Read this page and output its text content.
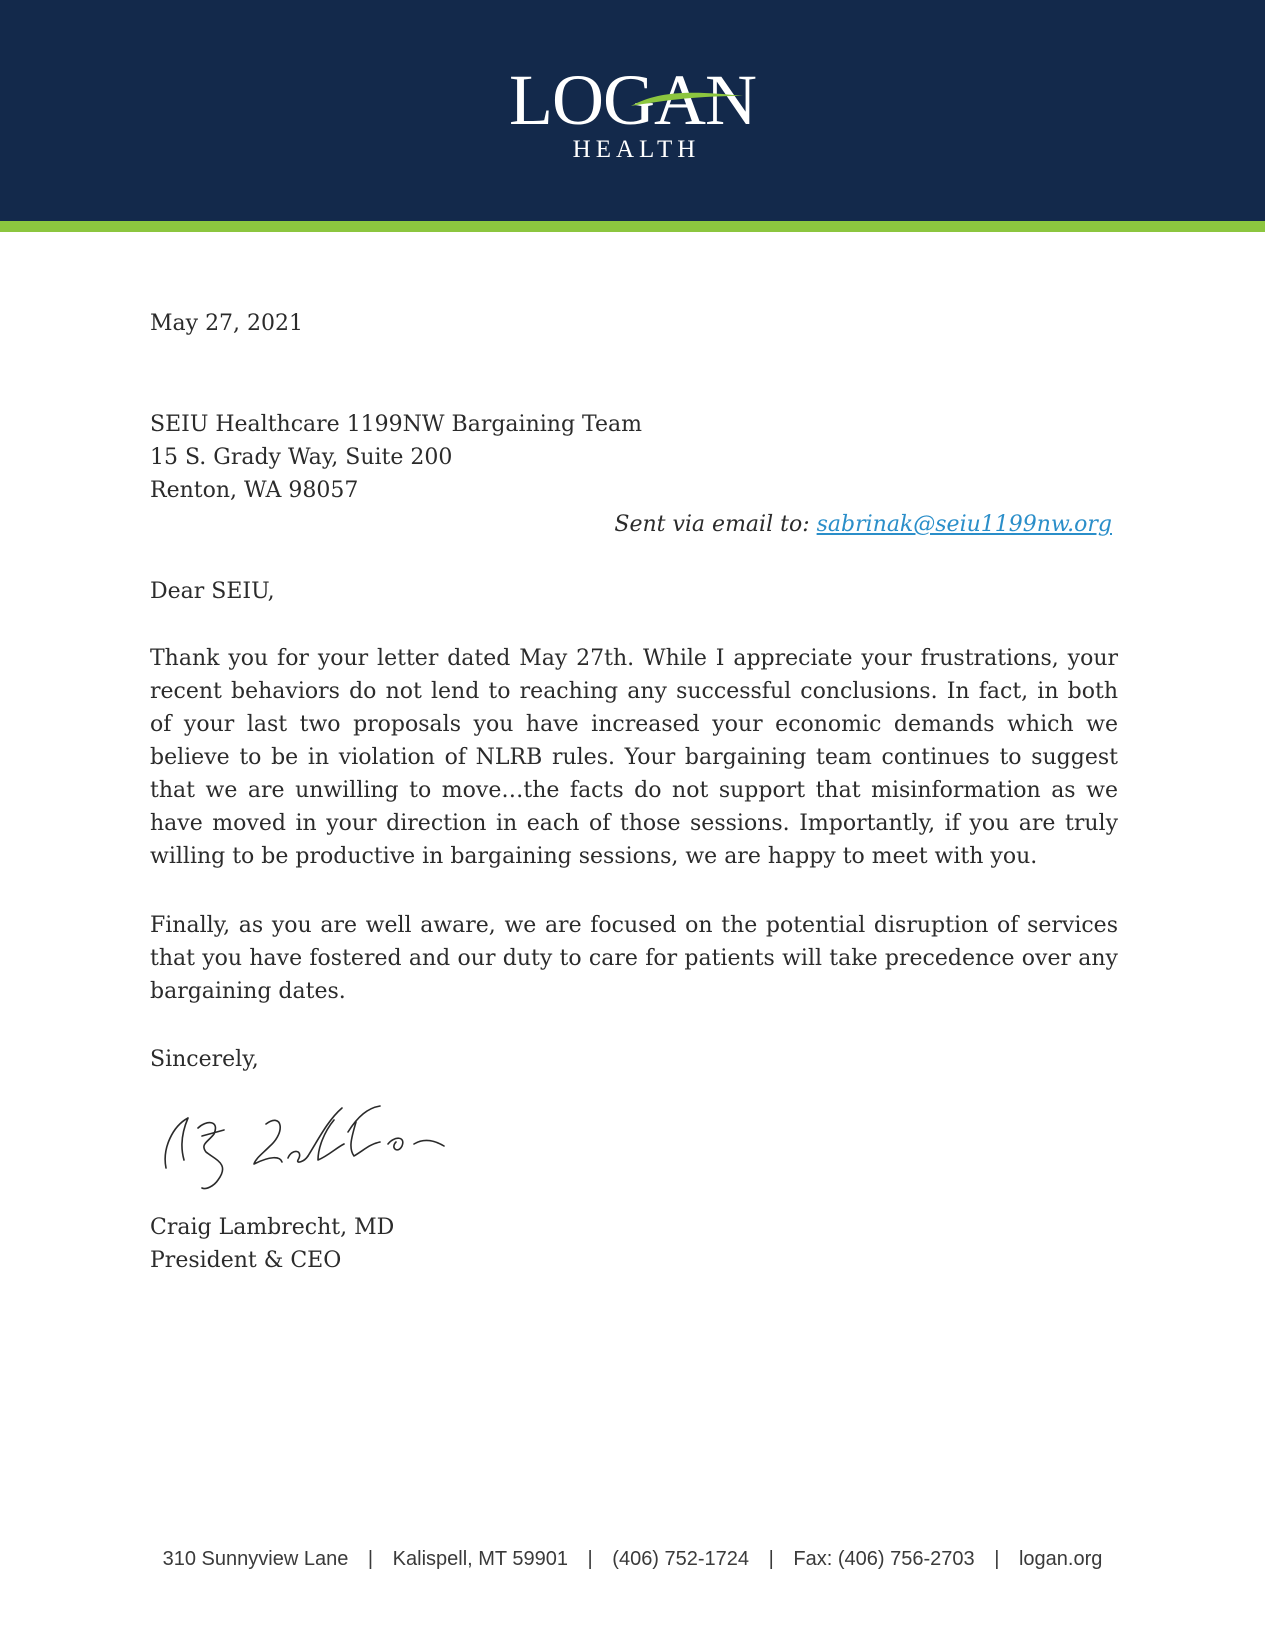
LOGAN
HEALTH
May 27, 2021
SEIU Healthcare 1199NW Bargaining Team
15 S. Grady Way, Suite 200
Renton, WA 98057
Sent via email to: sabrinak@seiu1199nw.org
Dear SEIU,
Thank you for your letter dated May 27th. While I appreciate your frustrations, your recent behaviors do not lend to reaching any successful conclusions. In fact, in both of your last two proposals you have increased your economic demands which we believe to be in violation of NLRB rules. Your bargaining team continues to suggest that we are unwilling to move…the facts do not support that misinformation as we have moved in your direction in each of those sessions. Importantly, if you are truly willing to be productive in bargaining sessions, we are happy to meet with you.
Finally, as you are well aware, we are focused on the potential disruption of services that you have fostered and our duty to care for patients will take precedence over any bargaining dates.
Sincerely,
Craig Lambrecht, MD
President & CEO
310 Sunnyview Lane | Kalispell, MT 59901 | (406) 752-1724 | Fax: (406) 756-2703 | logan.org
